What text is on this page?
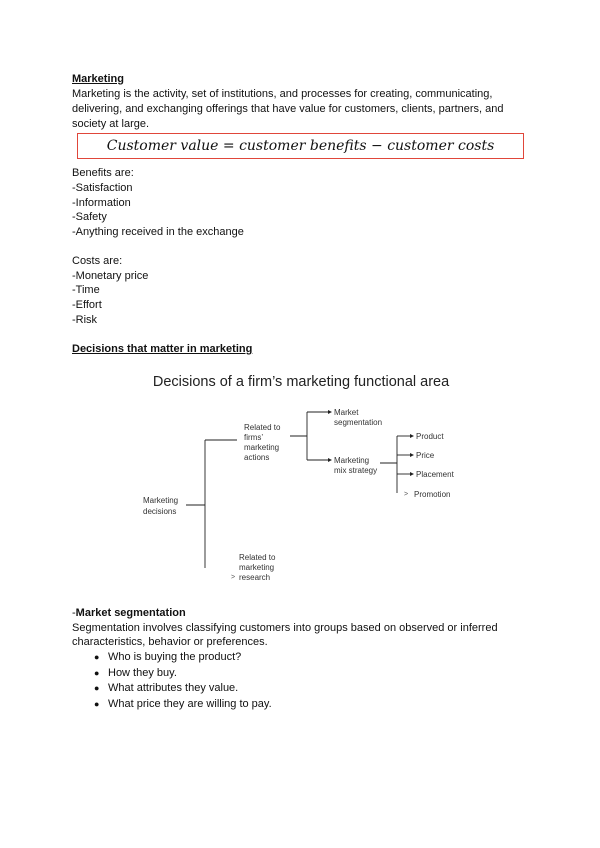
Marketing
Marketing is the activity, set of institutions, and processes for creating, communicating,
delivering, and exchanging offerings that have value for customers, clients, partners, and
society at large.
Customer value = customer benefits − customer costs
Benefits are:
-Satisfaction
-Information
-Safety
-Anything received in the exchange
Costs are:
-Monetary price
-Time
-Effort
-Risk
Decisions that matter in marketing
Decisions of a firm’s marketing functional area
Marketing
decisions
>
>
Related to
firms’
marketing
actions
Market
segmentation
Marketing
mix strategy
Product
Price
Placement
Promotion
Related to
marketing
research
-Market segmentation
Segmentation involves classifying customers into groups based on observed or inferred
characteristics, behavior or preferences.
● Who is buying the product?
● How they buy.
● What attributes they value.
● What price they are willing to pay.
